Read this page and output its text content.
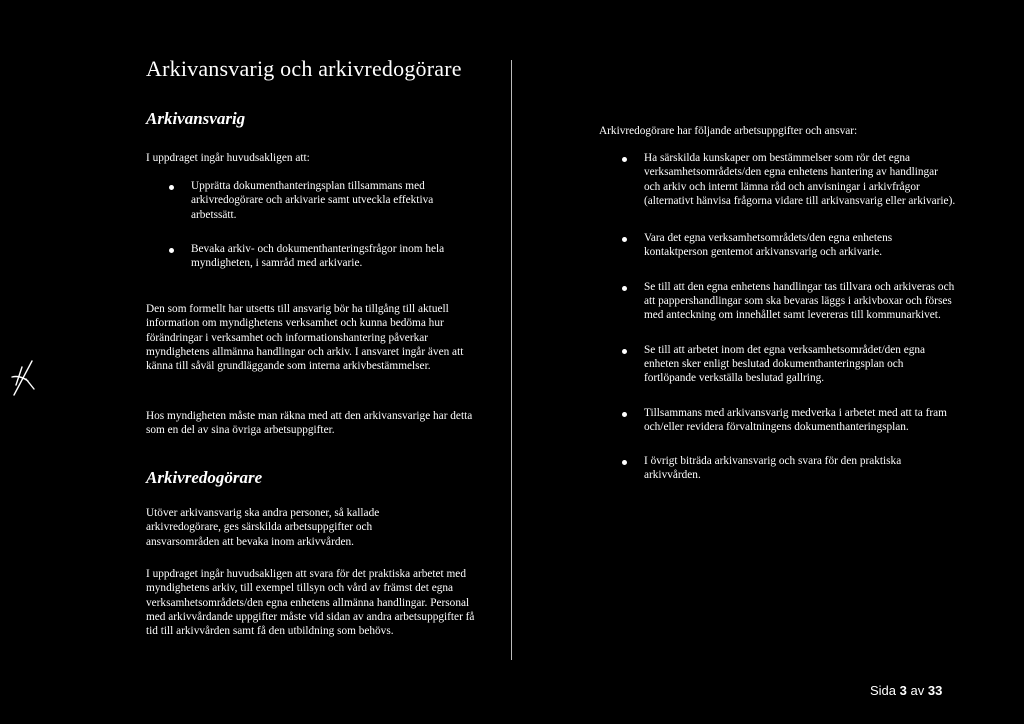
Arkivansvarig och arkivredogörare
Arkivansvarig

I uppdraget ingår huvudsakligen att:

Upprätta dokumenthanteringsplan tillsammans med arkivredogörare och arkivarie samt utveckla effektiva arbetssätt.
Bevaka arkiv- och dokumenthanteringsfrågor inom hela myndigheten, i samråd med arkivarie.

Den som formellt har utsetts till ansvarig bör ha tillgång till aktuell information om myndighetens verksamhet och kunna bedöma hur förändringar i verksamhet och informationshantering påverkar myndighetens allmänna handlingar och arkiv. I ansvaret ingår även att känna till såväl grundläggande som interna arkivbestämmelser.

Hos myndigheten måste man räkna med att den arkivansvarige har detta som en del av sina övriga arbetsuppgifter.

Arkivredogörare

Utöver arkivansvarig ska andra personer, så kallade arkivredogörare, ges särskilda arbetsuppgifter och ansvarsområden att bevaka inom arkivvården.

I uppdraget ingår huvudsakligen att svara för det praktiska arbetet med myndighetens arkiv, till exempel tillsyn och vård av främst det egna verksamhetsområdets/den egna enhetens allmänna handlingar. Personal med arkivvårdande uppgifter måste vid sidan av andra arbetsuppgifter få tid till arkivvården samt få den utbildning som behövs.

Arkivredogörare har följande arbetsuppgifter och ansvar:

Ha särskilda kunskaper om bestämmelser som rör det egna verksamhetsområdets/den egna enhetens hantering av handlingar och arkiv och internt lämna råd och anvisningar i arkivfrågor (alternativt hänvisa frågorna vidare till arkivansvarig eller arkivarie).
Vara det egna verksamhetsområdets/den egna enhetens kontaktperson gentemot arkivansvarig och arkivarie.
Se till att den egna enhetens handlingar tas tillvara och arkiveras och att pappershandlingar som ska bevaras läggs i arkivboxar och förses med anteckning om innehållet samt levereras till kommunarkivet.
Se till att arbetet inom det egna verksamhetsområdet/den egna enheten sker enligt beslutad dokumenthanteringsplan och fortlöpande verkställa beslutad gallring.
Tillsammans med arkivansvarig medverka i arbetet med att ta fram och/eller revidera förvaltningens dokumenthanteringsplan.
I övrigt biträda arkivansvarig och svara för den praktiska arkivvården.
Sida 3 av 33
